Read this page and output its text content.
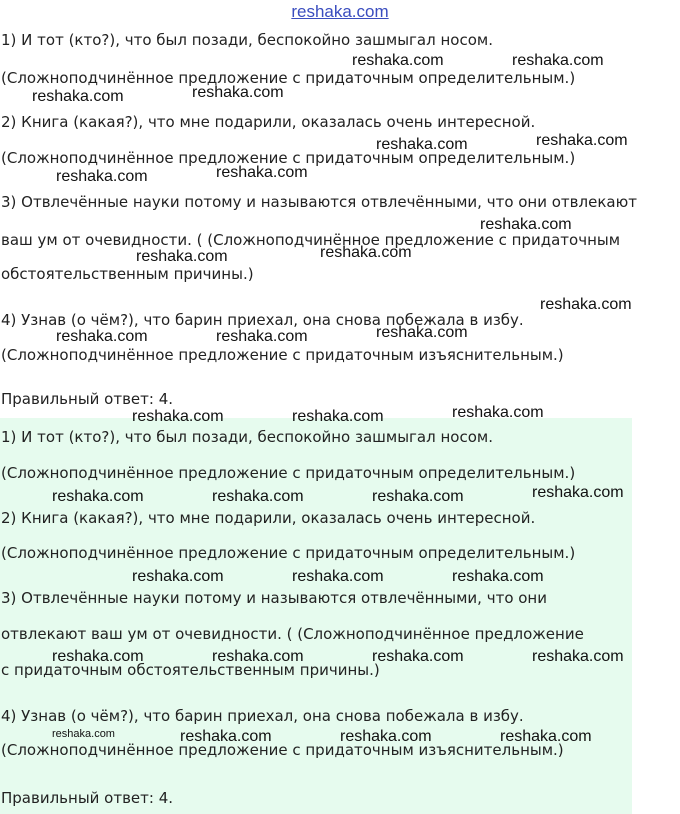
reshaka.com
1) И тот (кто?), что был позади, беспокойно зашмыгал носом.
(Сложноподчинённое предложение с придаточным определительным.)
2) Книга (какая?), что мне подарили, оказалась очень интересной.
(Сложноподчинённое предложение с придаточным определительным.)
3) Отвлечённые науки потому и называются отвлечёнными, что они отвлекают
ваш ум от очевидности. ( (Сложноподчинённое предложение с придаточным
обстоятельственным причины.)
4) Узнав (о чём?), что барин приехал, она снова побежала в избу.
(Сложноподчинённое предложение с придаточным изъяснительным.)
Правильный ответ: 4.
1) И тот (кто?), что был позади, беспокойно зашмыгал носом.
(Сложноподчинённое предложение с придаточным определительным.)
2) Книга (какая?), что мне подарили, оказалась очень интересной.
(Сложноподчинённое предложение с придаточным определительным.)
3) Отвлечённые науки потому и называются отвлечёнными, что они
отвлекают ваш ум от очевидности. ( (Сложноподчинённое предложение
с придаточным обстоятельственным причины.)
4) Узнав (о чём?), что барин приехал, она снова побежала в избу.
(Сложноподчинённое предложение с придаточным изъяснительным.)
Правильный ответ: 4.
reshaka.com	reshaka.com
reshaka.com	reshaka.com
reshaka.com	reshaka.com
reshaka.com	reshaka.com
reshaka.com
reshaka.com	reshaka.com
reshaka.com
reshaka.com	reshaka.com	reshaka.com
reshaka.com
reshaka.com	reshaka.com
reshaka.com
reshaka.com	reshaka.com	reshaka.com
reshaka.com	reshaka.com	reshaka.com
reshaka.com	reshaka.com	reshaka.com	reshaka.com
reshaka.com	reshaka.com	reshaka.com	reshaka.com
